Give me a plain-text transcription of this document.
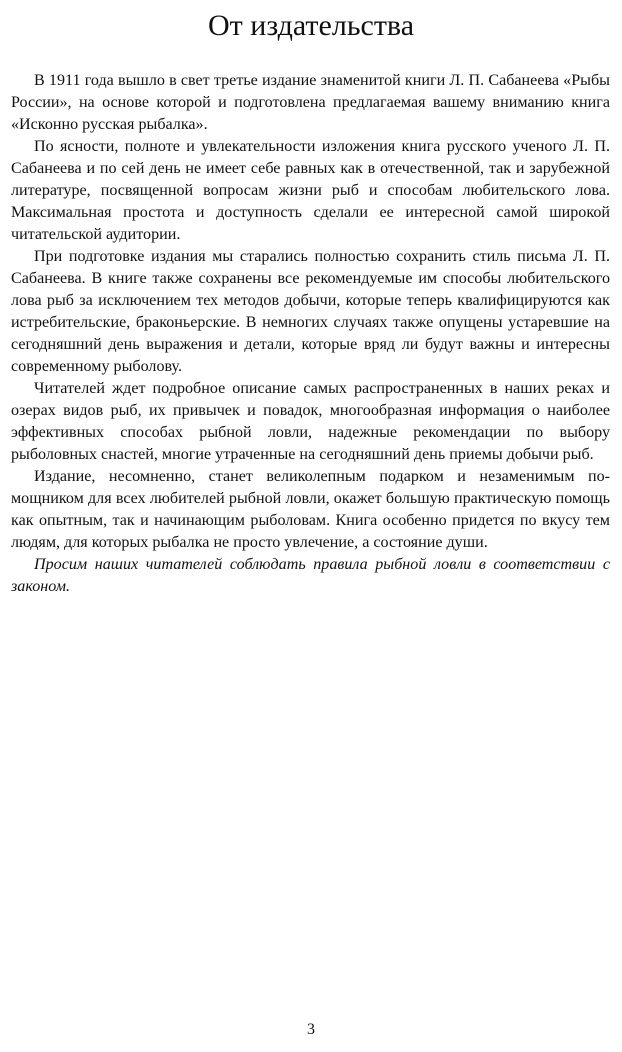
От издательства

В 1911 года вышло в свет третье издание знаменитой книги Л. П. Сабанеева «Рыбы России», на основе которой и подготовлена предлагаемая вашему вниманию книга «Исконно русская рыбалка».

По ясности, полноте и увлекательности изложения книга русского ученого Л. П. Сабанеева и по сей день не имеет себе равных как в отечественной, так и зарубежной литературе, посвященной вопросам жизни рыб и способам любительского лова. Максимальная простота и доступность сделали ее интересной самой широкой читательской аудитории.

При подготовке издания мы старались полностью сохранить стиль письма Л. П. Сабанеева. В книге также сохранены все рекомендуемые им способы любительского лова рыб за исключением тех методов добычи, которые теперь квалифицируются как истребительские, браконьерские. В немногих случаях также опущены устаревшие на сегодняшний день выражения и детали, которые вряд ли будут важны и интересны современному рыболову.

Читателей ждет подробное описание самых распространенных в наших реках и озерах видов рыб, их привычек и повадок, многообразная информация о наиболее эффективных способах рыбной ловли, надежные рекомендации по выбору рыболовных снастей, многие утраченные на сегодняшний день приемы добычи рыб.

Издание, несомненно, станет великолепным подарком и незаменимым помощником для всех любителей рыбной ловли, окажет большую практическую помощь как опытным, так и начинающим рыболовам. Книга особенно придется по вкусу тем людям, для которых рыбалка не просто увлечение, а состояние души.

Просим наших читателей соблюдать правила рыбной ловли в соответствии с законом.

3
